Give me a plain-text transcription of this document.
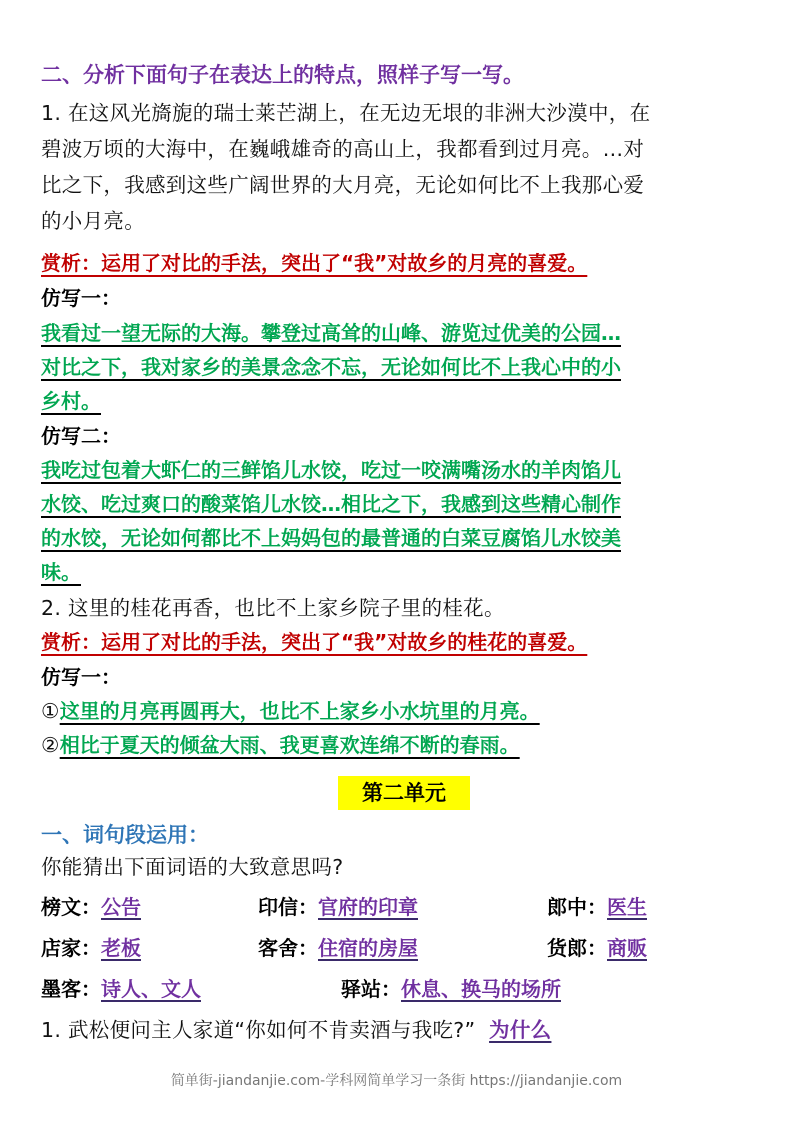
二、分析下面句子在表达上的特点，照样子写一写。
1. 在这风光旖旎的瑞士莱芒湖上，在无边无垠的非洲大沙漠中，在
碧波万顷的大海中，在巍峨雄奇的高山上，我都看到过月亮。…对
比之下，我感到这些广阔世界的大月亮，无论如何比不上我那心爱
的小月亮。
赏析：运用了对比的手法，突出了“我”对故乡的月亮的喜爱。
仿写一：
我看过一望无际的大海。攀登过高耸的山峰、游览过优美的公园…
对比之下，我对家乡的美景念念不忘，无论如何比不上我心中的小
乡村。
仿写二：
我吃过包着大虾仁的三鲜馅儿水饺，吃过一咬满嘴汤水的羊肉馅儿
水饺、吃过爽口的酸菜馅儿水饺…相比之下，我感到这些精心制作
的水饺，无论如何都比不上妈妈包的最普通的白菜豆腐馅儿水饺美
味。
2. 这里的桂花再香，也比不上家乡院子里的桂花。
赏析：运用了对比的手法，突出了“我”对故乡的桂花的喜爱。
仿写一：
①这里的月亮再圆再大，也比不上家乡小水坑里的月亮。
②相比于夏天的倾盆大雨、我更喜欢连绵不断的春雨。
第二单元
一、词句段运用：
你能猜出下面词语的大致意思吗?
榜文：公告	印信：官府的印章	郎中：医生
店家：老板	客舍：住宿的房屋	货郎：商贩
墨客：诗人、文人	驿站：休息、换马的场所
1. 武松便问主人家道“你如何不肯卖酒与我吃?” 为什么
简单街-jiandanjie.com-学科网简单学习一条街 https://jiandanjie.com
